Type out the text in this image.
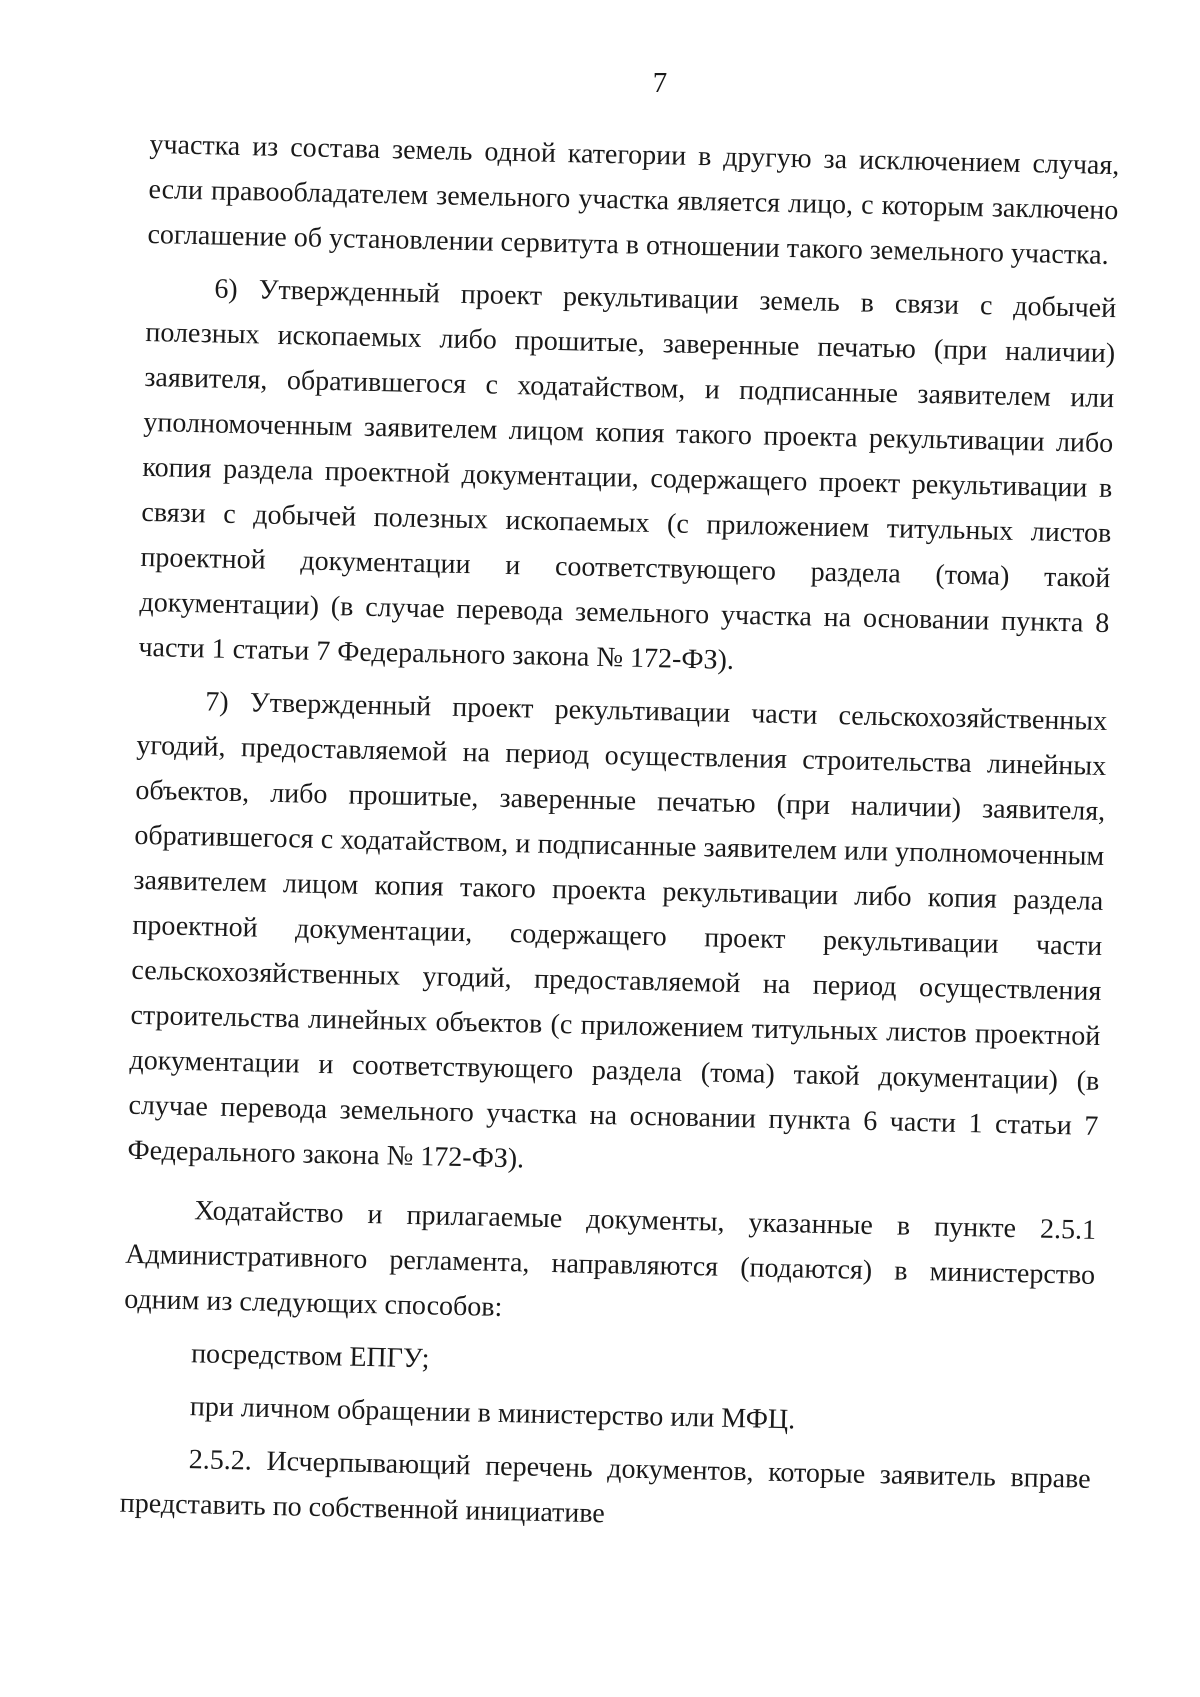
7

участка из состава земель одной категории в другую за исключением случая, если правообладателем земельного участка является лицо, с которым заключено соглашение об установлении сервитута в отношении такого земельного участка.

6) Утвержденный проект рекультивации земель в связи с добычей полезных ископаемых либо прошитые, заверенные печатью (при наличии) заявителя, обратившегося с ходатайством, и подписанные заявителем или уполномоченным заявителем лицом копия такого проекта рекультивации либо копия раздела проектной документации, содержащего проект рекультивации в связи с добычей полезных ископаемых (с приложением титульных листов проектной документации и соответствующего раздела (тома) такой документации) (в случае перевода земельного участка на основании пункта 8 части 1 статьи 7 Федерального закона № 172-ФЗ).

7) Утвержденный проект рекультивации части сельскохозяйственных угодий, предоставляемой на период осуществления строительства линейных объектов, либо прошитые, заверенные печатью (при наличии) заявителя, обратившегося с ходатайством, и подписанные заявителем или уполномоченным заявителем лицом копия такого проекта рекультивации либо копия раздела проектной документации, содержащего проект рекультивации части сельскохозяйственных угодий, предоставляемой на период осуществления строительства линейных объектов (с приложением титульных листов проектной документации и соответствующего раздела (тома) такой документации) (в случае перевода земельного участка на основании пункта 6 части 1 статьи 7 Федерального закона № 172-ФЗ).

Ходатайство и прилагаемые документы, указанные в пункте 2.5.1 Административного регламента, направляются (подаются) в министерство одним из следующих способов:

посредством ЕПГУ;

при личном обращении в министерство или МФЦ.

2.5.2. Исчерпывающий перечень документов, которые заявитель вправе представить по собственной инициативе
